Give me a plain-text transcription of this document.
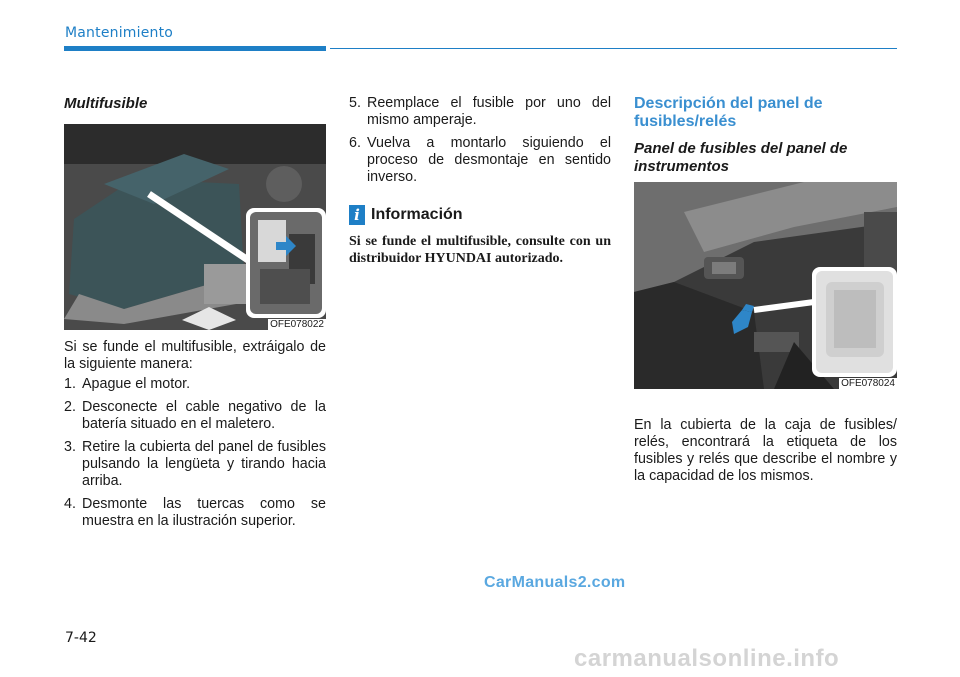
Mantenimiento
Multifusible
OFE078022
Si se funde el multifusible, extráigalo de la siguiente manera:
1. Apague el motor.
2. Desconecte el cable negativo de la batería situado en el maletero.
3. Retire la cubierta del panel de fusibles pulsando la lengüeta y tirando hacia arriba.
4. Desmonte las tuercas como se muestra en la ilustración superior.
5. Reemplace el fusible por uno del mismo amperaje.
6. Vuelva a montarlo siguiendo el proceso de desmontaje en sentido inverso.
i Información
Si se funde el multifusible, consulte con un distribuidor HYUNDAI autorizado.
Descripción del panel de fusibles/relés
Panel de fusibles del panel de instrumentos
OFE078024
En la cubierta de la caja de fusibles/ relés, encontrará la etiqueta de los fusibles y relés que describe el nombre y la capacidad de los mismos.
CarManuals2.com
7-42
carmanualsonline.info
